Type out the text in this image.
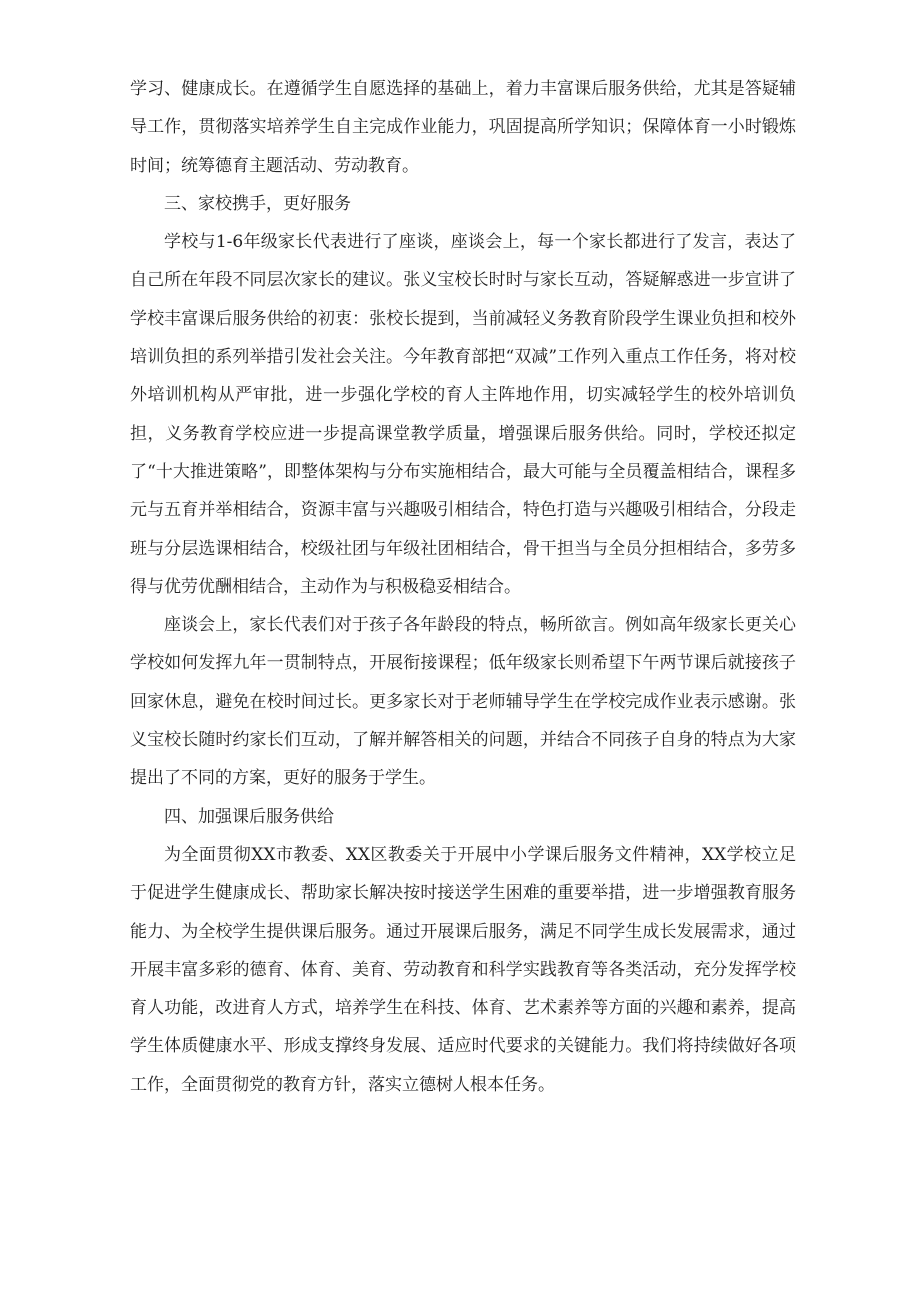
学习、健康成长。在遵循学生自愿选择的基础上，着力丰富课后服务供给，尤其是答疑辅导工作，贯彻落实培养学生自主完成作业能力，巩固提高所学知识；保障体育一小时锻炼时间；统筹德育主题活动、劳动教育。

三、家校携手，更好服务

学校与1-6年级家长代表进行了座谈，座谈会上，每一个家长都进行了发言，表达了自己所在年段不同层次家长的建议。张义宝校长时时与家长互动，答疑解惑进一步宣讲了学校丰富课后服务供给的初衷：张校长提到，当前减轻义务教育阶段学生课业负担和校外培训负担的系列举措引发社会关注。今年教育部把“双减”工作列入重点工作任务，将对校外培训机构从严审批，进一步强化学校的育人主阵地作用，切实减轻学生的校外培训负担，义务教育学校应进一步提高课堂教学质量，增强课后服务供给。同时，学校还拟定了“十大推进策略”，即整体架构与分布实施相结合，最大可能与全员覆盖相结合，课程多元与五育并举相结合，资源丰富与兴趣吸引相结合，特色打造与兴趣吸引相结合，分段走班与分层选课相结合，校级社团与年级社团相结合，骨干担当与全员分担相结合，多劳多得与优劳优酬相结合，主动作为与积极稳妥相结合。

座谈会上，家长代表们对于孩子各年龄段的特点，畅所欲言。例如高年级家长更关心学校如何发挥九年一贯制特点，开展衔接课程；低年级家长则希望下午两节课后就接孩子回家休息，避免在校时间过长。更多家长对于老师辅导学生在学校完成作业表示感谢。张义宝校长随时约家长们互动，了解并解答相关的问题，并结合不同孩子自身的特点为大家提出了不同的方案，更好的服务于学生。

四、加强课后服务供给

为全面贯彻XX市教委、XX区教委关于开展中小学课后服务文件精神，XX学校立足于促进学生健康成长、帮助家长解决按时接送学生困难的重要举措，进一步增强教育服务能力、为全校学生提供课后服务。通过开展课后服务，满足不同学生成长发展需求，通过开展丰富多彩的德育、体育、美育、劳动教育和科学实践教育等各类活动，充分发挥学校育人功能，改进育人方式，培养学生在科技、体育、艺术素养等方面的兴趣和素养，提高学生体质健康水平、形成支撑终身发展、适应时代要求的关键能力。我们将持续做好各项工作，全面贯彻党的教育方针，落实立德树人根本任务。
